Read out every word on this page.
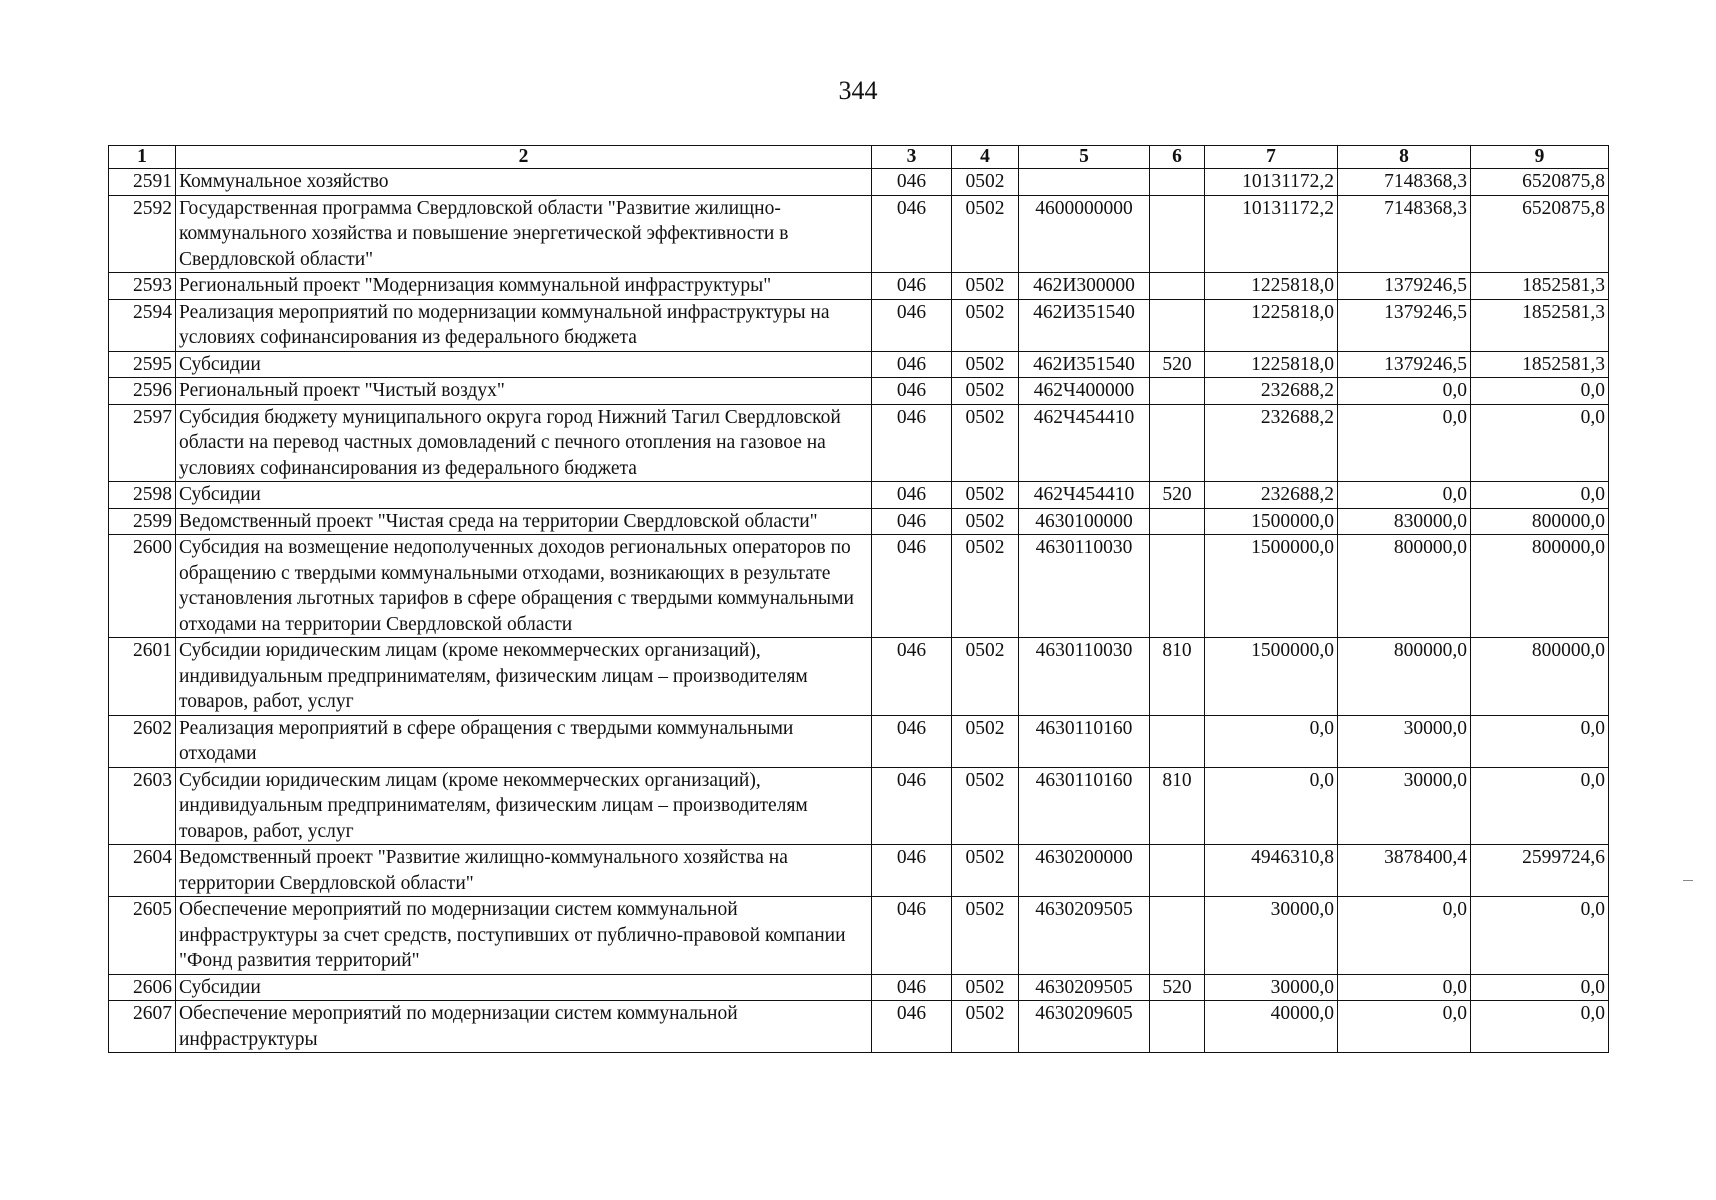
344
1	2	3	4	5	6	7	8	9
2591	Коммунальное хозяйство	046	0502			10131172,2	7148368,3	6520875,8
2592	Государственная программа Свердловской области "Развитие жилищно-коммунального хозяйства и повышение энергетической эффективности в Свердловской области"	046	0502	4600000000		10131172,2	7148368,3	6520875,8
2593	Региональный проект "Модернизация коммунальной инфраструктуры"	046	0502	462И300000		1225818,0	1379246,5	1852581,3
2594	Реализация мероприятий по модернизации коммунальной инфраструктуры на условиях софинансирования из федерального бюджета	046	0502	462И351540		1225818,0	1379246,5	1852581,3
2595	Субсидии	046	0502	462И351540	520	1225818,0	1379246,5	1852581,3
2596	Региональный проект "Чистый воздух"	046	0502	462Ч400000		232688,2	0,0	0,0
2597	Субсидия бюджету муниципального округа город Нижний Тагил Свердловской области на перевод частных домовладений с печного отопления на газовое на условиях софинансирования из федерального бюджета	046	0502	462Ч454410		232688,2	0,0	0,0
2598	Субсидии	046	0502	462Ч454410	520	232688,2	0,0	0,0
2599	Ведомственный проект "Чистая среда на территории Свердловской области"	046	0502	4630100000		1500000,0	830000,0	800000,0
2600	Субсидия на возмещение недополученных доходов региональных операторов по обращению с твердыми коммунальными отходами, возникающих в результате установления льготных тарифов в сфере обращения с твердыми коммунальными отходами на территории Свердловской области	046	0502	4630110030		1500000,0	800000,0	800000,0
2601	Субсидии юридическим лицам (кроме некоммерческих организаций), индивидуальным предпринимателям, физическим лицам – производителям товаров, работ, услуг	046	0502	4630110030	810	1500000,0	800000,0	800000,0
2602	Реализация мероприятий в сфере обращения с твердыми коммунальными отходами	046	0502	4630110160		0,0	30000,0	0,0
2603	Субсидии юридическим лицам (кроме некоммерческих организаций), индивидуальным предпринимателям, физическим лицам – производителям товаров, работ, услуг	046	0502	4630110160	810	0,0	30000,0	0,0
2604	Ведомственный проект "Развитие жилищно-коммунального хозяйства на территории Свердловской области"	046	0502	4630200000		4946310,8	3878400,4	2599724,6
2605	Обеспечение мероприятий по модернизации систем коммунальной инфраструктуры за счет средств, поступивших от публично-правовой компании "Фонд развития территорий"	046	0502	4630209505		30000,0	0,0	0,0
2606	Субсидии	046	0502	4630209505	520	30000,0	0,0	0,0
2607	Обеспечение мероприятий по модернизации систем коммунальной инфраструктуры	046	0502	4630209605		40000,0	0,0	0,0
